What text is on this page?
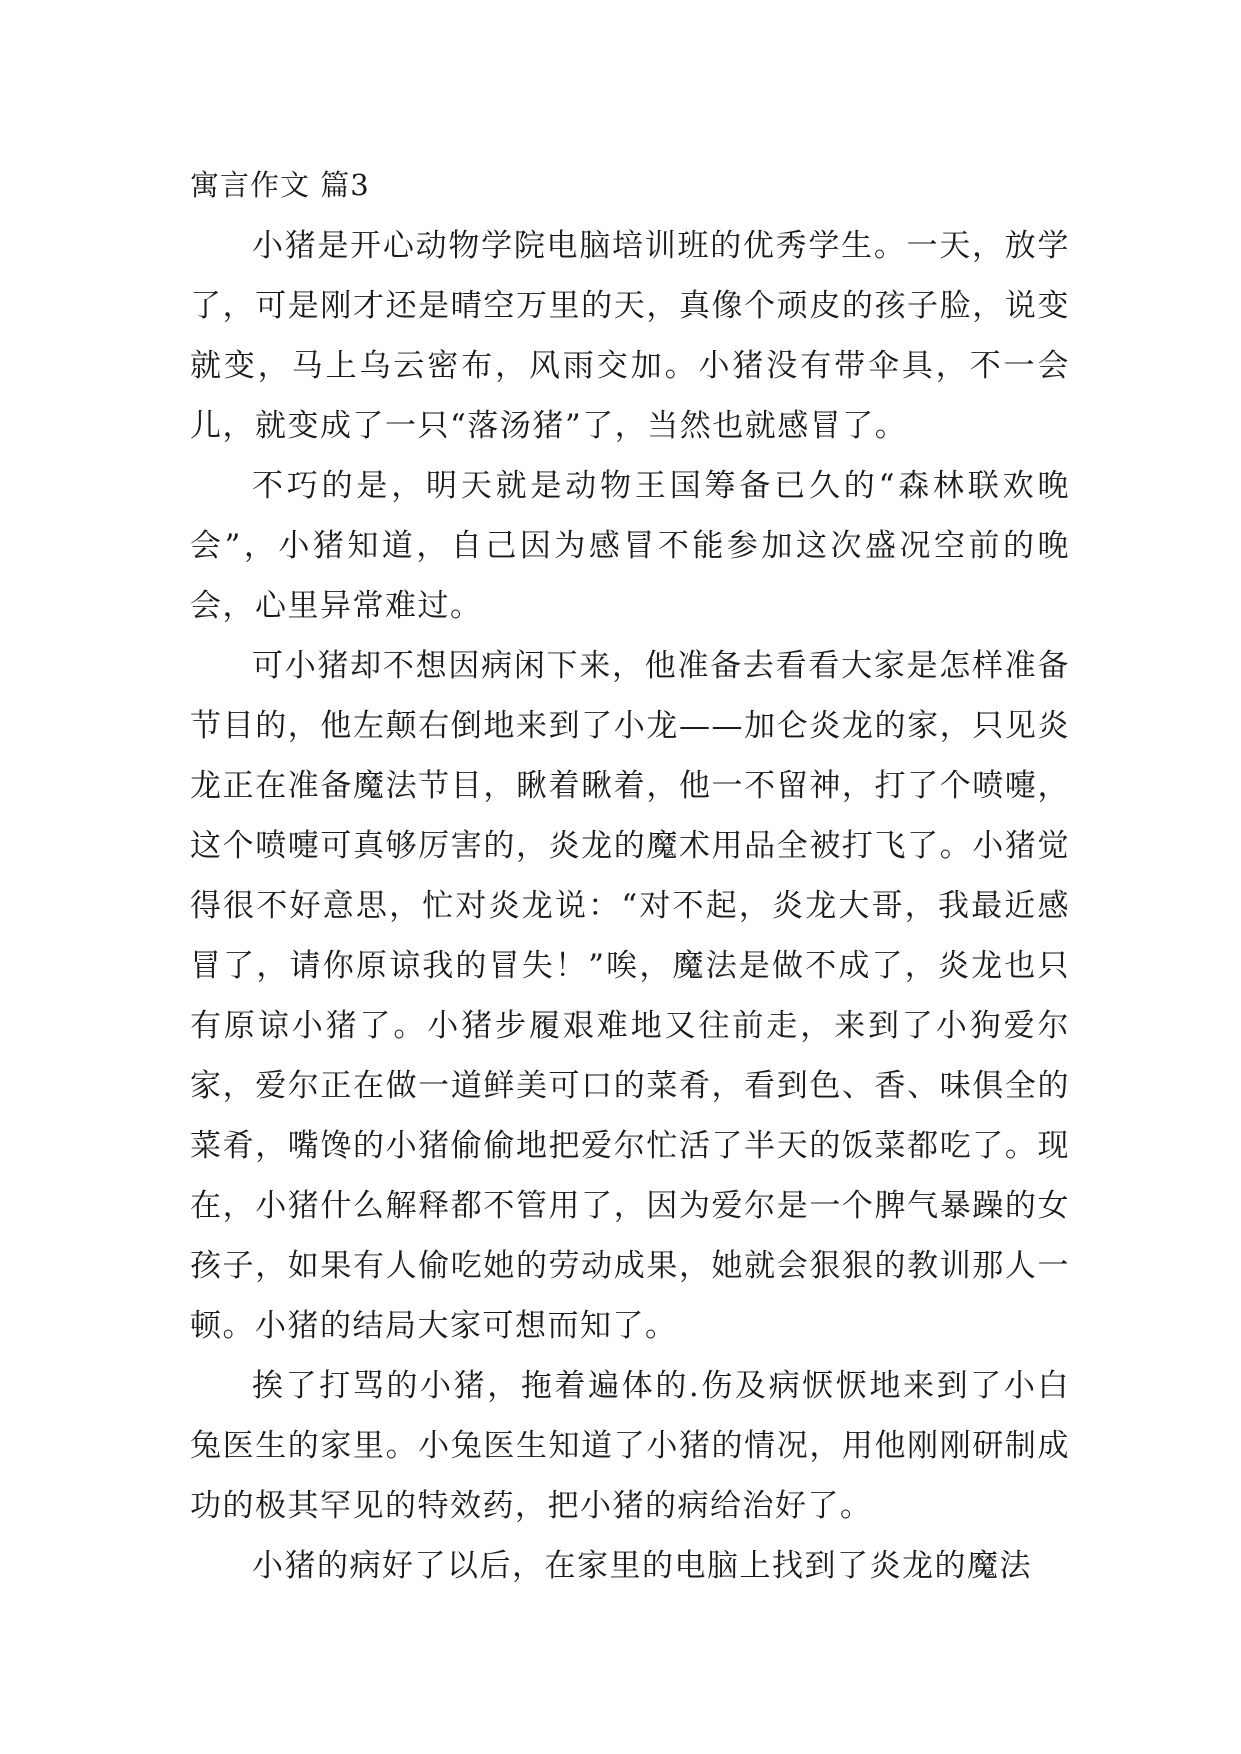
寓言作文 篇3

小猪是开心动物学院电脑培训班的优秀学生。一天，放学了，可是刚才还是晴空万里的天，真像个顽皮的孩子脸，说变就变，马上乌云密布，风雨交加。小猪没有带伞具，不一会儿，就变成了一只“落汤猪”了，当然也就感冒了。

不巧的是，明天就是动物王国筹备已久的“森林联欢晚会”，小猪知道，自己因为感冒不能参加这次盛况空前的晚会，心里异常难过。

可小猪却不想因病闲下来，他准备去看看大家是怎样准备节目的，他左颠右倒地来到了小龙——加仑炎龙的家，只见炎龙正在准备魔法节目，瞅着瞅着，他一不留神，打了个喷嚏，这个喷嚏可真够厉害的，炎龙的魔术用品全被打飞了。小猪觉得很不好意思，忙对炎龙说：“对不起，炎龙大哥，我最近感冒了，请你原谅我的冒失！”唉，魔法是做不成了，炎龙也只有原谅小猪了。小猪步履艰难地又往前走，来到了小狗爱尔家，爱尔正在做一道鲜美可口的菜肴，看到色、香、味俱全的菜肴，嘴馋的小猪偷偷地把爱尔忙活了半天的饭菜都吃了。现在，小猪什么解释都不管用了，因为爱尔是一个脾气暴躁的女孩子，如果有人偷吃她的劳动成果，她就会狠狠的教训那人一顿。小猪的结局大家可想而知了。

挨了打骂的小猪，拖着遍体的.伤及病恹恹地来到了小白兔医生的家里。小兔医生知道了小猪的情况，用他刚刚研制成功的极其罕见的特效药，把小猪的病给治好了。

小猪的病好了以后，在家里的电脑上找到了炎龙的魔法
